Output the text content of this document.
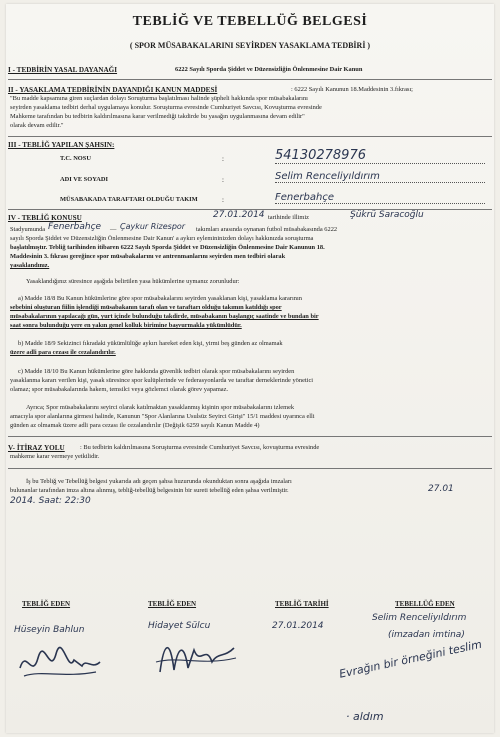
TEBLİĞ VE TEBELLÜĞ BELGESİ
( SPOR MÜSABAKALARINI SEYİRDEN YASAKLAMA TEDBİRİ )
I - TEDBİRİN YASAL DAYANAĞI	6222 Sayılı Sporda Şiddet ve Düzensizliğin Önlenmesine Dair Kanun
II - YASAKLAMA TEDBİRİNİN DAYANDIĞI KANUN MADDESİ	: 6222 Sayılı Kanunun 18.Maddesinin 3.fıkrası;
"Bu madde kapsamına giren suçlardan dolayı Soruşturma başlatılması halinde şüpheli hakkında spor müsabakalarını
seyirden yasaklama tedbiri derhal uygulamaya konulur. Soruşturma evresinde Cumhuriyet Savcısı, Kovuşturma evresinde
Mahkeme tarafından bu tedbirin kaldırılmasına karar verilmediği takdirde bu yasağın uygulanmasına devam edilir"
olarak devam edilir."
III - TEBLİĞ YAPILAN ŞAHSIN:
T.C. NOSU	:	54130278976
ADI VE SOYADI	:	Selim Renceliyıldırım
MÜSABAKADA TARAFTARI OLDUĞU TAKIM	:	Fenerbahçe
IV - TEBLİĞ KONUSU	27.01.2014 tarihinde illimiz	Şükrü Saracoğlu
Stadyumunda Fenerbahçe — Çaykur Rizespor takımları arasında oynanan futbol müsabakasında 6222
sayılı Sporda Şiddet ve Düzensizliğin Önlenmesine Dair Kanun' a aykırı eylemininizden dolayı hakkınızda soruşturma
başlatılmıştır. Tebliğ tarihinden itibaren 6222 Sayılı Sporda Şiddet ve Düzensizliğin Önlenmesine Dair Kanunun 18.
Maddesinin 3. fıkrası gereğince spor müsabakalarını ve antrenmanlarını seyirden men tedbiri olarak
yasaklandınız.
Yasaklandığınız süresince aşağıda belirtilen yasa hükümlerine uymanız zorunludur:
a) Madde 18/8 Bu Kanun hükümlerine göre spor müsabakalarını seyirden yasaklanan kişi, yasaklama kararının
sebebini oluşturan fiilin işlendiği müsabakanın tarafı olan ve taraftarı olduğu takımın katıldığı spor
müsabakalarının yapılacağı gün, yurt içinde bulunduğu takdirde, müsabakanın başlangıç saatinde ve bundan bir
saat sonra bulunduğu yere en yakın genel kolluk birimine başvurmakla yükümlüdür.
b) Madde 18/9 Sekizinci fıkradaki yükümlülüğe aykırı hareket eden kişi, yirmi beş günden az olmamak
üzere adli para cezası ile cezalandırılır.
c) Madde 18/10 Bu Kanun hükümlerine göre hakkında güvenlik tedbiri olarak spor müsabakalarını seyirden
yasaklanma kararı verilen kişi, yasak süresince spor kulüplerinde ve federasyonlarda ve taraftar derneklerinde yönetici
olamaz; spor müsabakalarında hakem, temsilci veya gözlemci olarak görev yapamaz.
Ayrıca; Spor müsabakalarını seyirci olarak katılmaktan yasaklanmış kişinin spor müsabakalarını izlemek
amacıyla spor alanlarına girmesi halinde, Kanunun "Spor Alanlarına Usulsüz Seyirci Girişi" 15/1 maddesi uyarınca elli
günden az olmamak üzere adli para cezası ile cezalandırılır (Değişik 6259 sayılı Kanun Madde 4)
V- İTİRAZ YOLU : Bu tedbirin kaldırılmasına Soruşturma evresinde Cumhuriyet Savcısı, kovuşturma evresinde
mahkeme karar vermeye yetkilidir.
İş bu Tebliğ ve Tebellüğ belgesi yukarıda adı geçen şahsa huzurunda okunduktan sonra aşağıda imzaları
bulunanlar tarafından imza altına alınmış, tebliğ-tebellüğ belgesinin bir sureti tebellüğ eden şahsa verilmiştir.	27.01
2014. Saat: 22:30
TEBLİĞ EDEN	TEBLİĞ EDEN	TEBLİĞ TARİHİ	TEBELLÜĞ EDEN
Hüseyin Bahlun	Hidayet Sülcu	27.01.2014
Selim Renceliyıldırım
(imzadan imtina)
Evrağın bir örneğini teslim
· aldım
